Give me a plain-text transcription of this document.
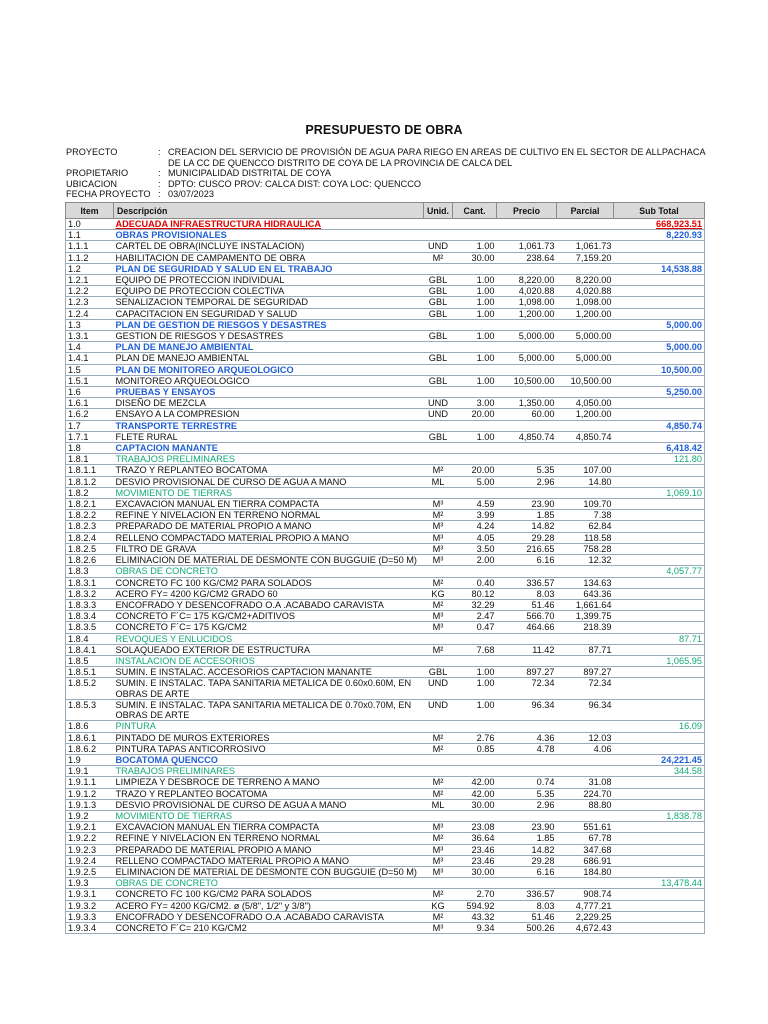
PRESUPUESTO DE OBRA
PROYECTO	: CREACION DEL SERVICIO DE PROVISIÓN DE AGUA PARA RIEGO EN AREAS DE CULTIVO EN EL SECTOR DE ALLPACHACA
DE LA CC DE QUENCCO DISTRITO DE COYA DE LA PROVINCIA DE CALCA DEL
PROPIETARIO	: MUNICIPALIDAD DISTRITAL DE COYA
UBICACION	: DPTO: CUSCO PROV: CALCA DIST: COYA LOC: QUENCCO
FECHA PROYECTO : 03/07/2023
Item	Descripción	Unid.	Cant.	Precio	Parcial	Sub Total
1.0	ADECUADA INFRAESTRUCTURA HIDRAULICA					668,923.51
1.1	OBRAS PROVISIONALES					8,220.93
1.1.1	CARTEL DE OBRA(INCLUYE INSTALACION)	UND	1.00	1,061.73	1,061.73	
1.1.2	HABILITACION DE CAMPAMENTO DE OBRA	M²	30.00	238.64	7,159.20	
1.2	PLAN DE SEGURIDAD Y SALUD EN EL TRABAJO					14,538.88
1.2.1	EQUIPO DE PROTECCION INDIVIDUAL	GBL	1.00	8,220.00	8,220.00	
1.2.2	EQUIPO DE PROTECCION COLECTIVA	GBL	1.00	4,020.88	4,020.88	
1.2.3	SENALIZACION TEMPORAL DE SEGURIDAD	GBL	1.00	1,098.00	1,098.00	
1.2.4	CAPACITACION EN SEGURIDAD Y SALUD	GBL	1.00	1,200.00	1,200.00	
1.3	PLAN DE GESTION DE RIESGOS Y DESASTRES					5,000.00
1.3.1	GESTION DE RIESGOS Y DESASTRES	GBL	1.00	5,000.00	5,000.00	
1.4	PLAN DE MANEJO AMBIENTAL					5,000.00
1.4.1	PLAN DE MANEJO AMBIENTAL	GBL	1.00	5,000.00	5,000.00	
1.5	PLAN DE MONITOREO ARQUEOLOGICO					10,500.00
1.5.1	MONITOREO ARQUEOLOGICO	GBL	1.00	10,500.00	10,500.00	
1.6	PRUEBAS Y ENSAYOS					5,250.00
1.6.1	DISEÑO DE MEZCLA	UND	3.00	1,350.00	4,050.00	
1.6.2	ENSAYO A LA COMPRESION	UND	20.00	60.00	1,200.00	
1.7	TRANSPORTE TERRESTRE					4,850.74
1.7.1	FLETE RURAL	GBL	1.00	4,850.74	4,850.74	
1.8	CAPTACION MANANTE					6,418.42
1.8.1	TRABAJOS PRELIMINARES					121.80
1.8.1.1	TRAZO Y REPLANTEO BOCATOMA	M²	20.00	5.35	107.00	
1.8.1.2	DESVIO PROVISIONAL DE CURSO DE AGUA A MANO	ML	5.00	2.96	14.80	
1.8.2	MOVIMIENTO DE TIERRAS					1,069.10
1.8.2.1	EXCAVACION MANUAL EN TIERRA COMPACTA	M³	4.59	23.90	109.70	
1.8.2.2	REFINE Y NIVELACION EN TERRENO NORMAL	M²	3.99	1.85	7.38	
1.8.2.3	PREPARADO DE MATERIAL PROPIO A MANO	M³	4.24	14.82	62.84	
1.8.2.4	RELLENO COMPACTADO MATERIAL PROPIO A MANO	M³	4.05	29.28	118.58	
1.8.2.5	FILTRO DE GRAVA	M³	3.50	216.65	758.28	
1.8.2.6	ELIMINACION DE MATERIAL DE DESMONTE CON BUGGUIE (D=50 M)	M³	2.00	6.16	12.32	
1.8.3	OBRAS DE CONCRETO					4,057.77
1.8.3.1	CONCRETO FC 100 KG/CM2 PARA SOLADOS	M²	0.40	336.57	134.63	
1.8.3.2	ACERO FY= 4200 KG/CM2 GRADO 60	KG	80.12	8.03	643.36	
1.8.3.3	ENCOFRADO Y DESENCOFRADO O.A .ACABADO CARAVISTA	M²	32.29	51.46	1,661.64	
1.8.3.4	CONCRETO F´C= 175 KG/CM2+ADITIVOS	M³	2.47	566.70	1,399.75	
1.8.3.5	CONCRETO F´C= 175 KG/CM2	M³	0.47	464.66	218.39	
1.8.4	REVOQUES Y ENLUCIDOS					87.71
1.8.4.1	SOLAQUEADO EXTERIOR DE ESTRUCTURA	M²	7.68	11.42	87.71	
1.8.5	INSTALACION DE ACCESORIOS					1,065.95
1.8.5.1	SUMIN. E INSTALAC. ACCESORIOS CAPTACION MANANTE	GBL	1.00	897.27	897.27	
1.8.5.2	SUMIN. E INSTALAC. TAPA SANITARIA METALICA DE 0.60x0.60M, EN OBRAS DE ARTE	UND	1.00	72.34	72.34	
1.8.5.3	SUMIN. E INSTALAC. TAPA SANITARIA METALICA DE 0.70x0.70M, EN OBRAS DE ARTE	UND	1.00	96.34	96.34	
1.8.6	PINTURA					16.09
1.8.6.1	PINTADO DE MUROS EXTERIORES	M²	2.76	4.36	12.03	
1.8.6.2	PINTURA TAPAS ANTICORROSIVO	M²	0.85	4.78	4.06	
1.9	BOCATOMA QUENCCO					24,221.45
1.9.1	TRABAJOS PRELIMINARES					344.58
1.9.1.1	LIMPIEZA Y DESBROCE DE TERRENO A MANO	M²	42.00	0.74	31.08	
1.9.1.2	TRAZO Y REPLANTEO BOCATOMA	M²	42.00	5.35	224.70	
1.9.1.3	DESVIO PROVISIONAL DE CURSO DE AGUA A MANO	ML	30.00	2.96	88.80	
1.9.2	MOVIMIENTO DE TIERRAS					1,838.78
1.9.2.1	EXCAVACION MANUAL EN TIERRA COMPACTA	M³	23.08	23.90	551.61	
1.9.2.2	REFINE Y NIVELACION EN TERRENO NORMAL	M²	36.64	1.85	67.78	
1.9.2.3	PREPARADO DE MATERIAL PROPIO A MANO	M³	23.46	14.82	347.68	
1.9.2.4	RELLENO COMPACTADO MATERIAL PROPIO A MANO	M³	23.46	29.28	686.91	
1.9.2.5	ELIMINACION DE MATERIAL DE DESMONTE CON BUGGUIE (D=50 M)	M³	30.00	6.16	184.80	
1.9.3	OBRAS DE CONCRETO					13,478.44
1.9.3.1	CONCRETO FC 100 KG/CM2 PARA SOLADOS	M²	2.70	336.57	908.74	
1.9.3.2	ACERO FY= 4200 KG/CM2. ø (5/8", 1/2" y 3/8")	KG	594.92	8.03	4,777.21	
1.9.3.3	ENCOFRADO Y DESENCOFRADO O.A .ACABADO CARAVISTA	M²	43.32	51.46	2,229.25	
1.9.3.4	CONCRETO F´C= 210 KG/CM2	M³	9.34	500.26	4,672.43	
